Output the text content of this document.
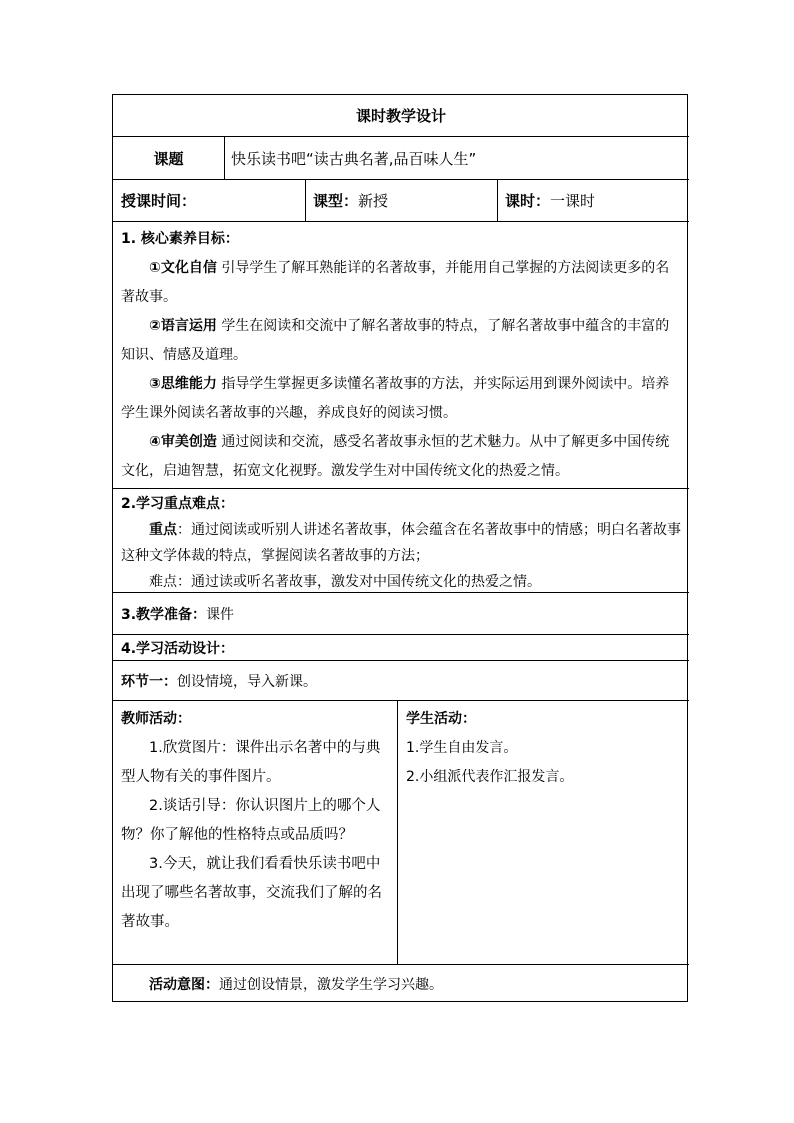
课时教学设计
课题	快乐读书吧“读古典名著,品百味人生”
授课时间：	课型： 新授	课时： 一课时

1. 核心素养目标：

①文化自信 引导学生了解耳熟能详的名著故事，并能用自己掌握的方法阅读更多的名著故事。

②语言运用 学生在阅读和交流中了解名著故事的特点，了解名著故事中蕴含的丰富的知识、情感及道理。

③思维能力 指导学生掌握更多读懂名著故事的方法，并实际运用到课外阅读中。培养学生课外阅读名著故事的兴趣，养成良好的阅读习惯。

④审美创造 通过阅读和交流，感受名著故事永恒的艺术魅力。从中了解更多中国传统文化，启迪智慧，拓宽文化视野。激发学生对中国传统文化的热爱之情。

2.学习重点难点：

重点：通过阅读或听别人讲述名著故事，体会蕴含在名著故事中的情感；明白名著故事这种文学体裁的特点，掌握阅读名著故事的方法；

难点：通过读或听名著故事，激发对中国传统文化的热爱之情。

3.教学准备： 课件
4.学习活动设计：
环节一： 创设情境，导入新课。

教师活动：

1.欣赏图片：课件出示名著中的与典型人物有关的事件图片。

2.谈话引导：你认识图片上的哪个人物？你了解他的性格特点或品质吗？

3.今天，就让我们看看快乐读书吧中出现了哪些名著故事，交流我们了解的名著故事。

学生活动：

1.学生自由发言。

2.小组派代表作汇报发言。

活动意图： 通过创设情景，激发学生学习兴趣。
